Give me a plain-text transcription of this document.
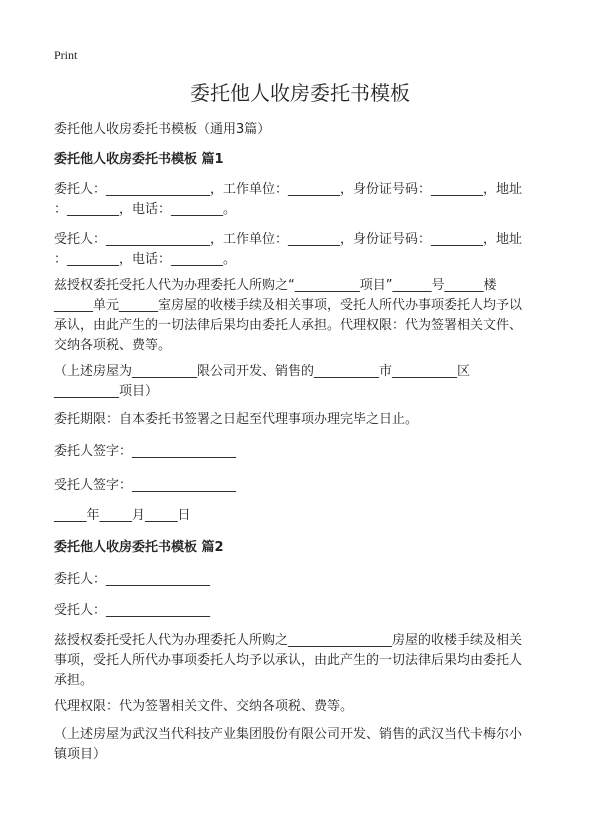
Print
委托他人收房委托书模板
委托他人收房委托书模板（通用3篇）
委托他人收房委托书模板 篇1
委托人：________________，工作单位：________，身份证号码：________，地址
：________，电话：________。
受托人：________________，工作单位：________，身份证号码：________，地址
：________，电话：________。
兹授权委托受托人代为办理委托人所购之“__________项目”______号______楼
______单元______室房屋的收楼手续及相关事项，受托人所代办事项委托人均予以
承认，由此产生的一切法律后果均由委托人承担。代理权限：代为签署相关文件、
交纳各项税、费等。
（上述房屋为__________限公司开发、销售的__________市__________区
__________项目）
委托期限：自本委托书签署之日起至代理事项办理完毕之日止。
委托人签字：________________
受托人签字：________________
_____年_____月_____日
委托他人收房委托书模板 篇2
委托人：________________
受托人：________________
兹授权委托受托人代为办理委托人所购之________________房屋的收楼手续及相关
事项，受托人所代办事项委托人均予以承认，由此产生的一切法律后果均由委托人
承担。
代理权限：代为签署相关文件、交纳各项税、费等。
（上述房屋为武汉当代科技产业集团股份有限公司开发、销售的武汉当代卡梅尔小
镇项目）
